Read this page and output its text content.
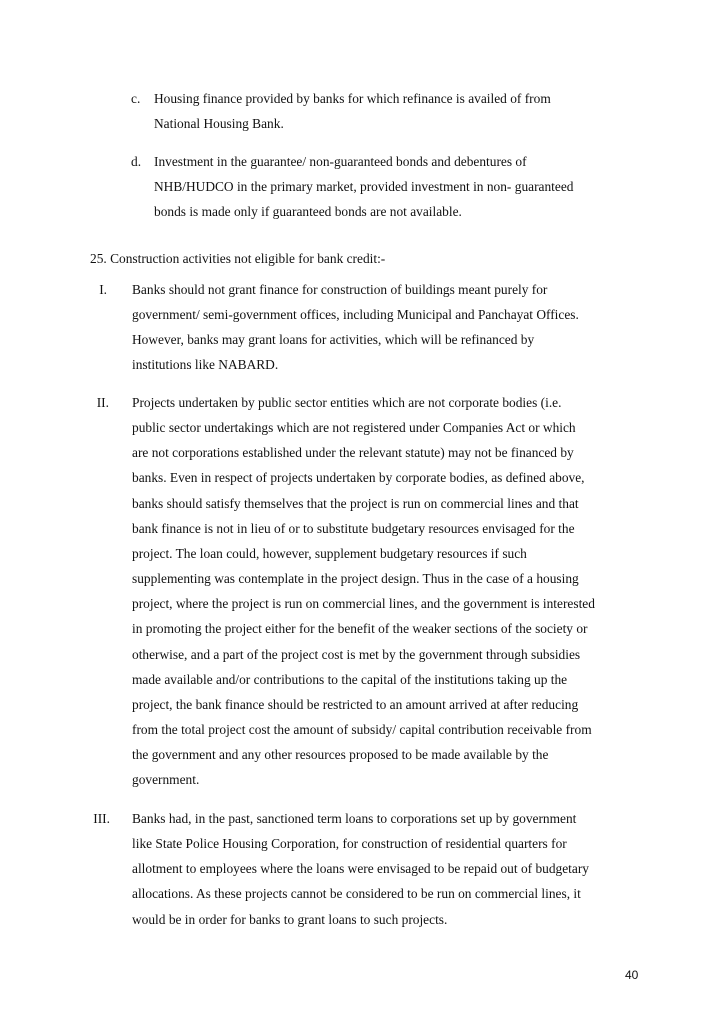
c.	Housing finance provided by banks for which refinance is availed of from
National Housing Bank.
d. Investment in the guarantee/ non-guaranteed bonds and debentures of
NHB/HUDCO in the primary market, provided investment in non- guaranteed
bonds is made only if guaranteed bonds are not available.
25. Construction activities not eligible for bank credit:-
I. Banks should not grant finance for construction of buildings meant purely for
government/ semi-government offices, including Municipal and Panchayat Offices.
However, banks may grant loans for activities, which will be refinanced by
institutions like NABARD.
II. Projects undertaken by public sector entities which are not corporate bodies (i.e.
public sector undertakings which are not registered under Companies Act or which
are not corporations established under the relevant statute) may not be financed by
banks. Even in respect of projects undertaken by corporate bodies, as defined above,
banks should satisfy themselves that the project is run on commercial lines and that
bank finance is not in lieu of or to substitute budgetary resources envisaged for the
project. The loan could, however, supplement budgetary resources if such
supplementing was contemplate in the project design. Thus in the case of a housing
project, where the project is run on commercial lines, and the government is interested
in promoting the project either for the benefit of the weaker sections of the society or
otherwise, and a part of the project cost is met by the government through subsidies
made available and/or contributions to the capital of the institutions taking up the
project, the bank finance should be restricted to an amount arrived at after reducing
from the total project cost the amount of subsidy/ capital contribution receivable from
the government and any other resources proposed to be made available by the
government.
III. Banks had, in the past, sanctioned term loans to corporations set up by government
like State Police Housing Corporation, for construction of residential quarters for
allotment to employees where the loans were envisaged to be repaid out of budgetary
allocations. As these projects cannot be considered to be run on commercial lines, it
would be in order for banks to grant loans to such projects.
40
